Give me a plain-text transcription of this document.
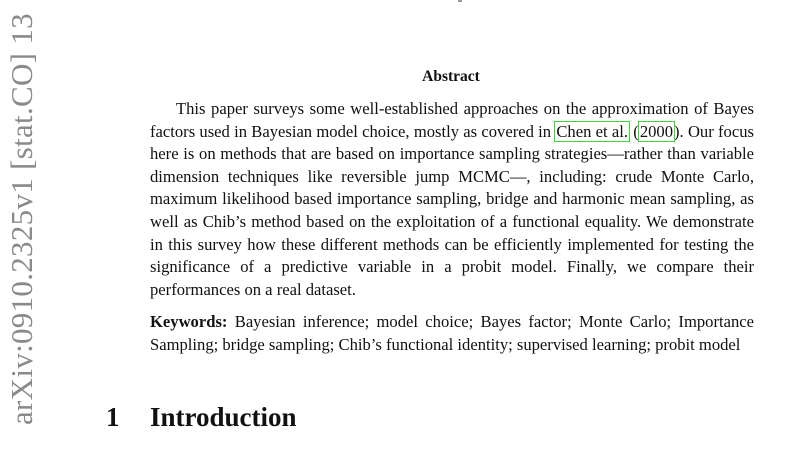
arXiv:0910.2325v1 [stat.CO] 13	Abstract

This paper surveys some well-established approaches on the approximation of Bayes factors used in Bayesian model choice, mostly as covered in Chen et al. (2000). Our focus here is on methods that are based on importance sampling strategies—rather than variable dimension techniques like reversible jump MCMC—, including: crude Monte Carlo, maximum likelihood based importance sampling, bridge and harmonic mean sampling, as well as Chib’s method based on the exploitation of a functional equality. We demonstrate in this survey how these different methods can be efficiently implemented for testing the significance of a predictive variable in a probit model. Finally, we compare their performances on a real dataset.

Keywords: Bayesian inference; model choice; Bayes factor; Monte Carlo; Importance Sampling; bridge sampling; Chib’s functional identity; supervised learning; probit model
1 Introduction
